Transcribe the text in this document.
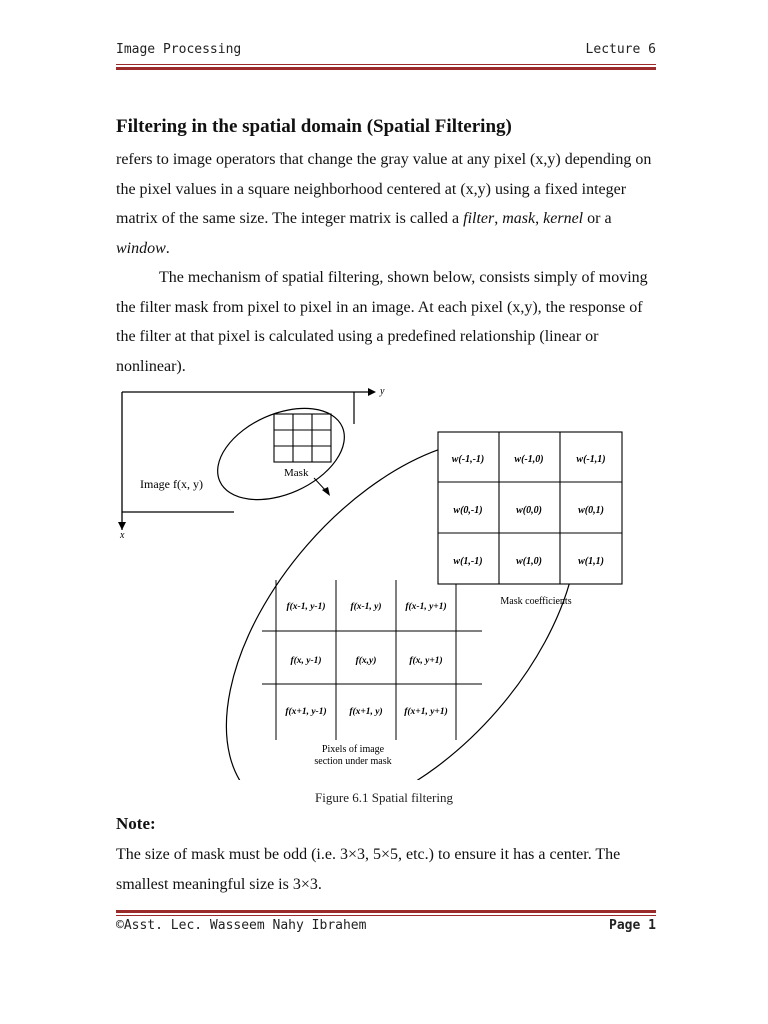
Image Processing	Lecture 6
Filtering in the spatial domain (Spatial Filtering)

refers to image operators that change the gray value at any pixel (x,y) depending on the pixel values in a square neighborhood centered at (x,y) using a fixed integer matrix of the same size. The integer matrix is called a filter, mask, kernel or a window.

The mechanism of spatial filtering, shown below, consists simply of moving the filter mask from pixel to pixel in an image. At each pixel (x,y), the response of the filter at that pixel is calculated using a predefined relationship (linear or nonlinear).

x
y
Image f(x, y)
Mask
f(x-1, y-1)	f(x-1, y)	f(x-1, y+1)
f(x, y-1)	f(x,y)	f(x, y+1)
f(x+1, y-1) f(x+1, y) f(x+1, y+1)
Pixels of image
section under mask
w(-1,-1)	w(-1,0)	w(-1,1)
w(0,-1)	w(0,0)	w(0,1)
w(1,-1)	w(1,0)	w(1,1)
Mask coefficients
Figure 6.1 Spatial filtering
Note:

The size of mask must be odd (i.e. 3×3, 5×5, etc.) to ensure it has a center. The smallest meaningful size is 3×3.

©Asst. Lec. Wasseem Nahy Ibrahem	Page 1
